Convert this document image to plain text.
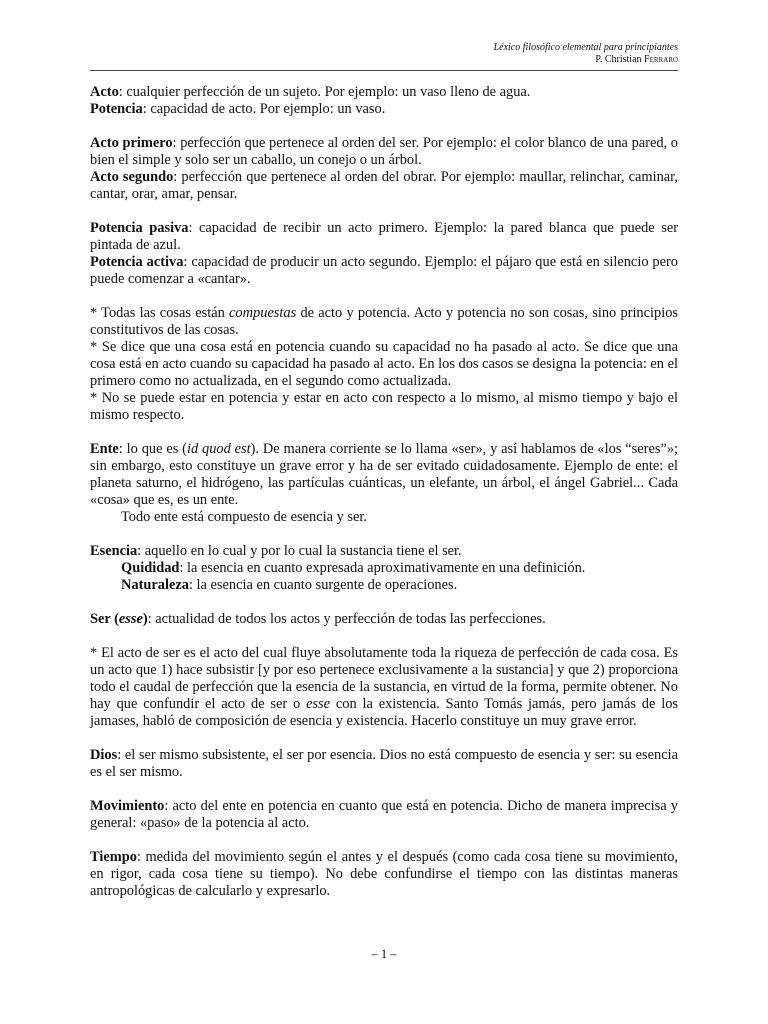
Léxico filosófico elemental para principiantes
P. Christian Ferraro

Acto: cualquier perfección de un sujeto. Por ejemplo: un vaso lleno de agua.

Potencia: capacidad de acto. Por ejemplo: un vaso.

Acto primero: perfección que pertenece al orden del ser. Por ejemplo: el color blanco de una pared, o bien el simple y solo ser un caballo, un conejo o un árbol.

Acto segundo: perfección que pertenece al orden del obrar. Por ejemplo: maullar, relinchar, caminar, cantar, orar, amar, pensar.

Potencia pasiva: capacidad de recibir un acto primero. Ejemplo: la pared blanca que puede ser pintada de azul.

Potencia activa: capacidad de producir un acto segundo. Ejemplo: el pájaro que está en silencio pero puede comenzar a «cantar».

* Todas las cosas están compuestas de acto y potencia. Acto y potencia no son cosas, sino principios constitutivos de las cosas.

* Se dice que una cosa está en potencia cuando su capacidad no ha pasado al acto. Se dice que una cosa está en acto cuando su capacidad ha pasado al acto. En los dos casos se designa la potencia: en el primero como no actualizada, en el segundo como actualizada.

* No se puede estar en potencia y estar en acto con respecto a lo mismo, al mismo tiempo y bajo el mismo respecto.

Ente: lo que es (id quod est). De manera corriente se lo llama «ser», y así hablamos de «los “seres”»; sin embargo, esto constituye un grave error y ha de ser evitado cuidadosamente. Ejemplo de ente: el planeta saturno, el hidrógeno, las partículas cuánticas, un elefante, un árbol, el ángel Gabriel... Cada «cosa» que es, es un ente.

Todo ente está compuesto de esencia y ser.

Esencia: aquello en lo cual y por lo cual la sustancia tiene el ser.

Quididad: la esencia en cuanto expresada aproximativamente en una definición.

Naturaleza: la esencia en cuanto surgente de operaciones.

Ser (esse): actualidad de todos los actos y perfección de todas las perfecciones.

* El acto de ser es el acto del cual fluye absolutamente toda la riqueza de perfección de cada cosa. Es un acto que 1) hace subsistir [y por eso pertenece exclusivamente a la sustancia] y que 2) proporciona todo el caudal de perfección que la esencia de la sustancia, en virtud de la forma, permite obtener. No hay que confundir el acto de ser o esse con la existencia. Santo Tomás jamás, pero jamás de los jamases, habló de composición de esencia y existencia. Hacerlo constituye un muy grave error.

Dios: el ser mismo subsistente, el ser por esencia. Dios no está compuesto de esencia y ser: su esencia es el ser mismo.

Movimiento: acto del ente en potencia en cuanto que está en potencia. Dicho de manera imprecisa y general: «paso» de la potencia al acto.

Tiempo: medida del movimiento según el antes y el después (como cada cosa tiene su movimiento, en rigor, cada cosa tiene su tiempo). No debe confundirse el tiempo con las distintas maneras antropológicas de calcularlo y expresarlo.

– 1 –
